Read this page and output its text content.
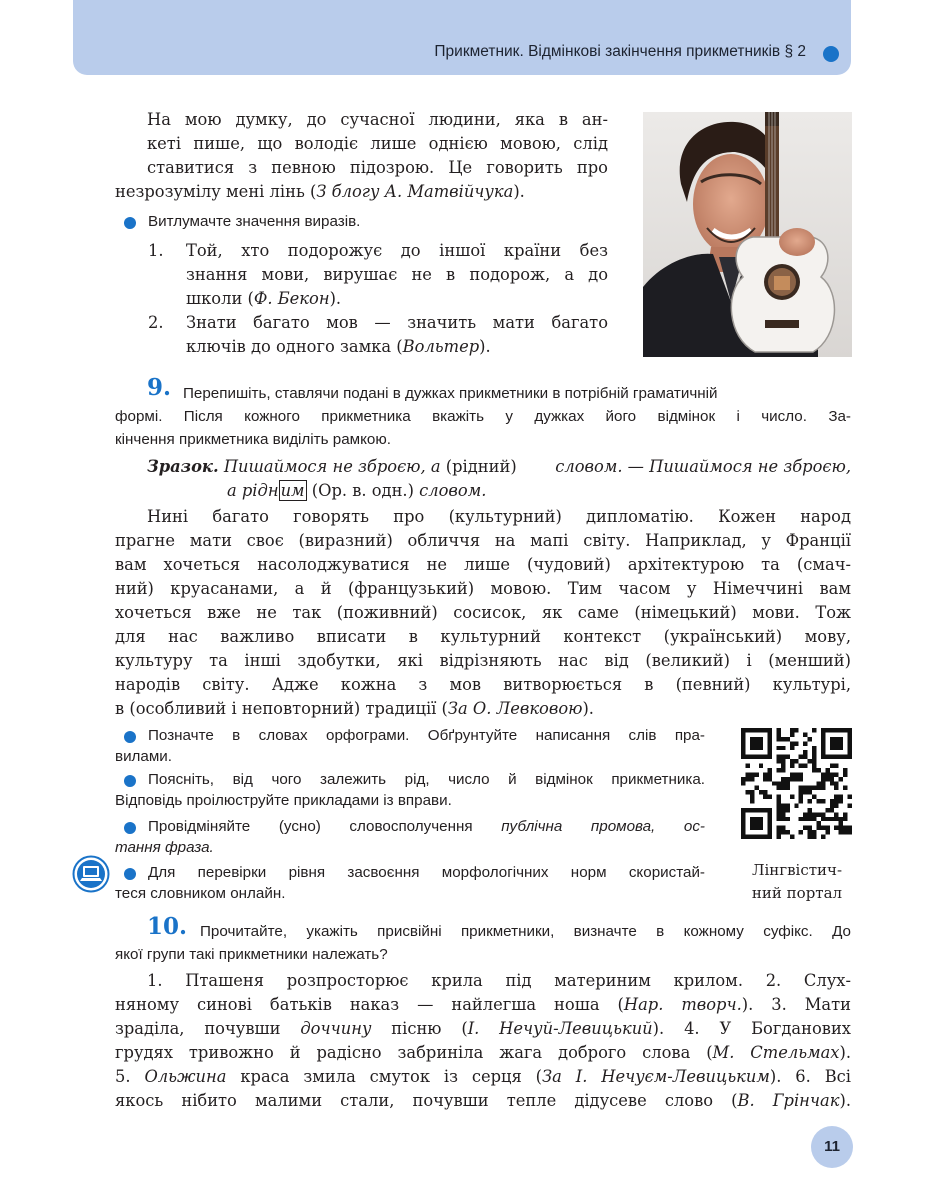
Прикметник. Відмінкові закінчення прикметників § 2
На мою думку, до сучасної людини, яка в ан-
кеті пише, що володіє лише однією мовою, слід
ставитися з певною підозрою. Це говорить про
незрозумілу мені лінь (З блогу А. Матвійчука).
Витлумачте значення виразів.
1. Той, хто подорожує до іншої країни без
знання мови, вирушає не в подорож, а до
школи (Ф. Бекон).
2. Знати багато мов — значить мати багато
ключів до одного замка (Вольтер).
9. Перепишіть, ставлячи подані в дужках прикметники в потрібній граматичній
формі. Після кожного прикметника вкажіть у дужках його відмінок і число. За-
кінчення прикметника виділіть рамкою.
Зразок. Пишаймося не зброєю, а (рідний) словом. — Пишаймося не зброєю,
а рідн им (Ор. в. одн.) словом.
Нині багато говорять про (культурний) дипломатію. Кожен народ
прагне мати своє (виразний) обличчя на мапі світу. Наприклад, у Франції
вам хочеться насолоджуватися не лише (чудовий) архітектурою та (смач-
ний) круасанами, а й (французький) мовою. Тим часом у Німеччині вам
хочеться вже не так (поживний) сосисок, як саме (німецький) мови. Тож
для нас важливо вписати в культурний контекст (український) мову,
культуру та інші здобутки, які відрізняють нас від (великий) і (менший)
народів світу. Адже кожна з мов витворюється в (певний) культурі,
в (особливий і неповторний) традиції (За О. Левковою).
Позначте в словах орфограми. Обґрунтуйте написання слів пра-
вилами.
Поясніть, від чого залежить рід, число й відмінок прикметника.
Відповідь проілюструйте прикладами із вправи.
Провідміняйте (усно) словосполучення публічна промова, ос-
тання фраза.
Для перевірки рівня засвоєння морфологічних норм скористай-
теся словником онлайн.
Лінгвістич-
ний портал
10. Прочитайте, укажіть присвійні прикметники, визначте в кожному суфікс. До
якої групи такі прикметники належать?
1. Пташеня розпросторює крила під материним крилом. 2. Слух-
няному синові батьків наказ — найлегша ноша (Нар. творч.). 3. Мати
зраділа, почувши доччину пісню (І. Нечуй-Левицький). 4. У Богданових
грудях тривожно й радісно забриніла жага доброго слова (М. Стельмах).
5. Ольжина краса змила смуток із серця (За І. Нечуєм-Левицьким). 6. Всі
якось нібито малими стали, почувши тепле дідусеве слово (В. Грінчак).
11
